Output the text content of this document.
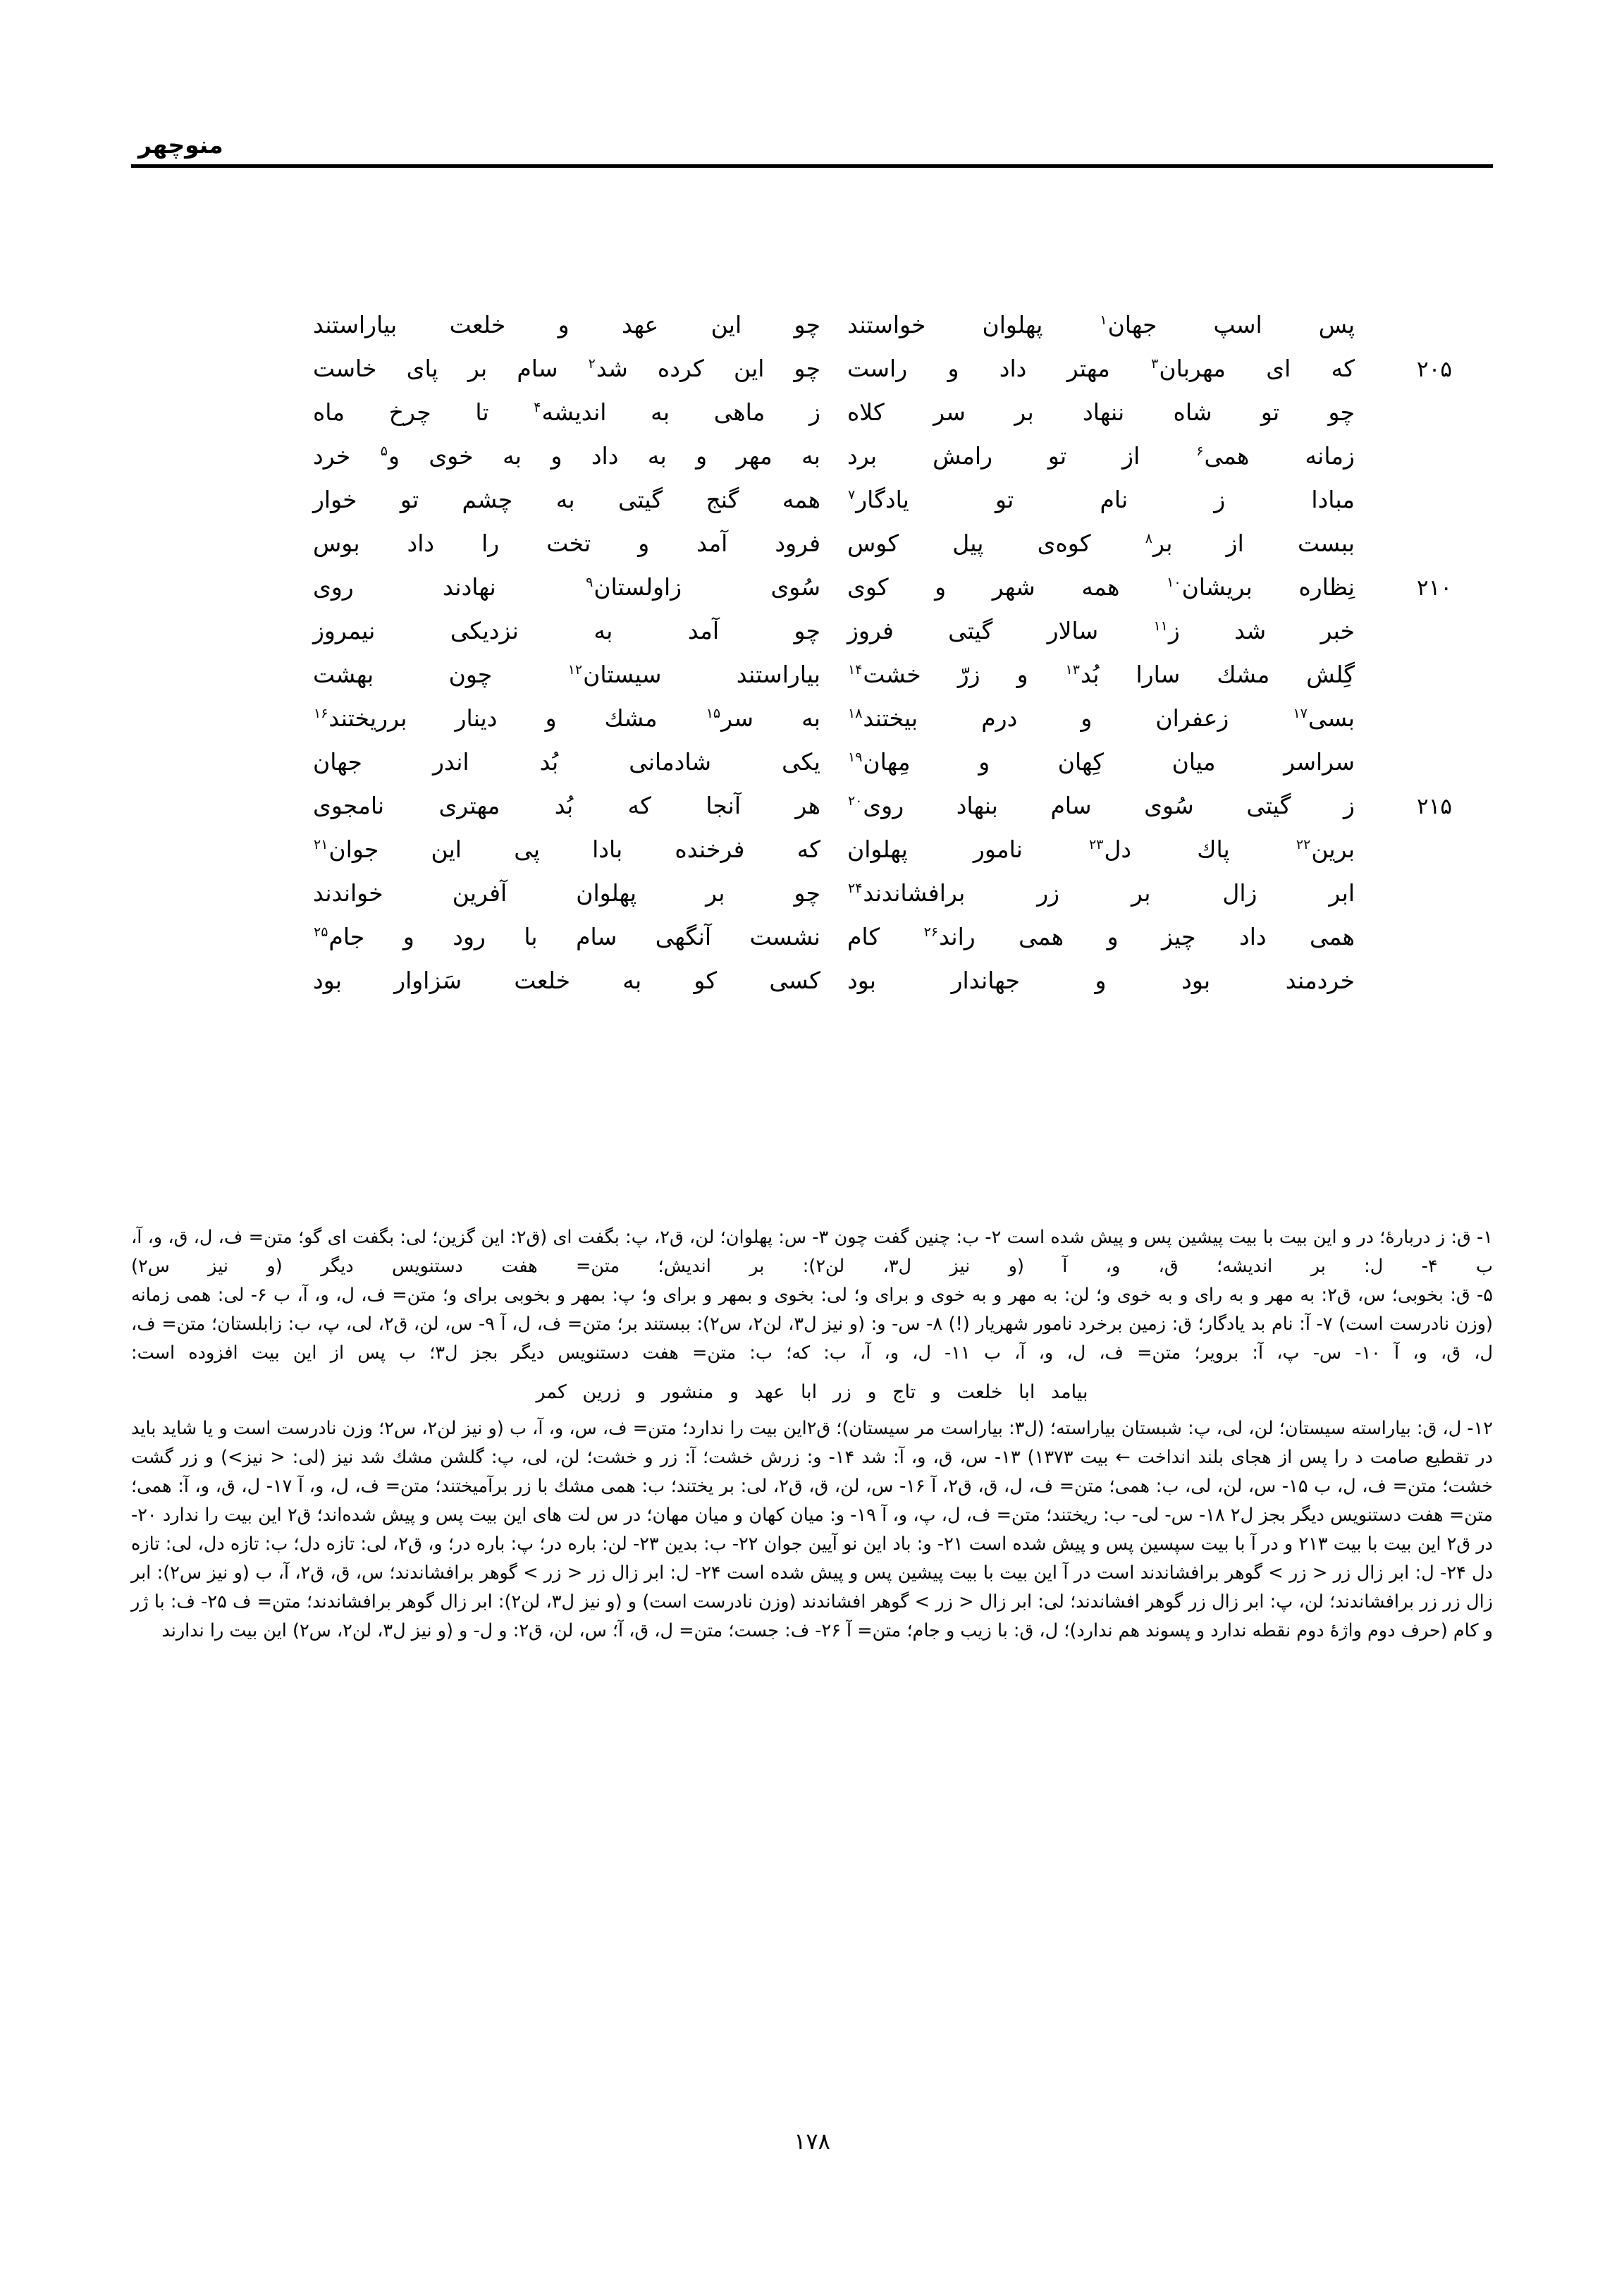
منوچهر
پس اسپ جهان$^۱$ پهلوان خواستند
چو این عهد و خلعت بیاراستند
۲۰۵
که ای مهربان$^۳$ مهتر داد و راست
چو این کرده شد$^۲$ سام بر پای خاست
چو تو شاه ننهاد بر سر کلاه
ز ماهی به اندیشه$^۴$ تا چرخ ماه
زمانه همی$^۶$ از تو رامش برد
به مهر و به داد و به خوی و$^۵$ خرد
مبادا ز نام تو یادگار$^۷$
همه گنج گیتی به چشم تو خوار
ببست از بر$^۸$ کوه‌ی پیل کوس
فرود آمد و تخت را داد بوس
۲۱۰
نِظاره بریشان$^{۱۰}$ همه شهر و کوی
سُوی زاولستان$^۹$ نهادند روی
خبر شد ز$^{۱۱}$ سالار گیتی فروز
چو آمد به نزدیکی نیمروز
گِلش مشك سارا بُد$^{۱۳}$ و زرّ خشت$^{۱۴}$
بیاراستند سیستان$^{۱۲}$ چون بهشت
بسی$^{۱۷}$ زعفران و درم بیختند$^{۱۸}$
به سر$^{۱۵}$ مشك و دینار برریختند$^{۱۶}$
سراسر میان کِهان و مِهان$^{۱۹}$
یکی شادمانی بُد اندر جهان
۲۱۵
ز گیتی سُوی سام بنهاد روی$^{۲۰}$
هر آنجا که بُد مهتری نامجوی
برین$^{۲۲}$ پاك دل$^{۲۳}$ نامور پهلوان
که فرخنده بادا پی این جوان$^{۲۱}$
ابر زال بر زر برافشاندند$^{۲۴}$
چو بر پهلوان آفرین خواندند
همی داد چیز و همی راند$^{۲۶}$ كام
نشست آنگهی سام با رود و جام$^{۲۵}$
خردمند بود و جهاندار بود
کسی کو به خلعت سَزاوار بود

۱- ق: ز دربارهٔ؛ در و این بیت با بیت پیشین پس و پیش شده است ۲- ب: چنین گفت چون ۳- س: پهلوان؛ لن، ق۲، پ: بگفت ای (ق۲: این گزین؛ لی: بگفت ای گو؛ متن= ف، ل، ق، و، آ، ب ۴- ل: بر اندیشه؛ ق، و، آ (و نیز ل۳، لن۲): بر اندیش؛ متن= هفت دستنویس دیگر (و نیز س۲)

۵- ق: بخوبی؛ س، ق۲: به مهر و به رای و به خوی و؛ لن: به مهر و به خوی و برای و؛ لی: بخوی و بمهر و برای و؛ پ: بمهر و بخوبی برای و؛ متن= ف، ل، و، آ، ب ۶- لی: همی زمانه (وزن نادرست است) ۷- آ: نام بد یادگار؛ ق: زمین برخرد نامور شهریار (!) ۸- س- و: (و نیز ل۳، لن۲، س۲): ببستند بر؛ متن= ف، ل، آ ۹- س، لن، ق۲، لی، پ، ب: زابلستان؛ متن= ف، ل، ق، و، آ ۱۰- س- پ، آ: برویر؛ متن= ف، ل، و، آ، ب ۱۱- ل، و، آ، ب: که؛ ب: متن= هفت دستنویس دیگر بجز ل۳؛ ب پس از این بیت افزوده است:

بیامد ابا خلعت و تاج و زر ابا عهد و منشور و زرین کمر

۱۲- ل، ق: بیاراسته سیستان؛ لن، لی، پ: شبستان بیاراسته؛ (ل۳: بیاراست مر سیستان)؛ ق۲این بیت را ندارد؛ متن= ف، س، و، آ، ب (و نیز لن۲، س۲؛ وزن نادرست است و یا شاید باید در تقطیع صامت د را پس از هجای بلند انداخت ← بیت ۱۳۷۳) ۱۳- س، ق، و، آ: شد ۱۴- و: زرش خشت؛ آ: زر و خشت؛ لن، لی، پ: گلشن مشك شد نیز (لی: < نیز>) و زر گشت خشت؛ متن= ف، ل، ب ۱۵- س، لن، لی، ب: همی؛ متن= ف، ل، ق، ق۲، آ ۱۶- س، لن، ق، ق۲، لی: بر یختند؛ ب: همی مشك با زر برآمیختند؛ متن= ف، ل، و، آ ۱۷- ل، ق، و، آ: همی؛ متن= هفت دستنویس دیگر بجز ل۲ ۱۸- س- لی- ب: ریختند؛ متن= ف، ل، پ، و، آ ۱۹- و: میان کهان و میان مهان؛ در س لت های این بیت پس و پیش شده‌اند؛ ق۲ این بیت را ندارد ۲۰- در ق۲ این بیت با بیت ۲۱۳ و در آ با بیت سپسین پس و پیش شده است ۲۱- و: باد این نو آیین جوان ۲۲- ب: بدین ۲۳- لن: باره در؛ پ: باره در؛ و، ق۲، لی: تازه دل؛ ب: تازه دل، لی: تازه دل ۲۴- ل: ابر زال زر < زر > گوهر برافشاندند است در آ این بیت با بیت پیشین پس و پیش شده است ۲۴- ل: ابر زال زر < زر > گوهر برافشاندند؛ س، ق، ق۲، آ، ب (و نیز س۲): ابر زال زر زر برافشاندند؛ لن، پ: ابر زال زر گوهر افشاندند؛ لی: ابر زال < زر > گوهر افشاندند (وزن نادرست است) و (و نیز ل۳، لن۲): ابر زال گوهر برافشاندند؛ متن= ف ۲۵- ف: با ژر و کام (حرف دوم واژهٔ دوم نقطه ندارد و پسوند هم ندارد)؛ ل، ق: با زیب و جام؛ متن= آ ۲۶- ف: جست؛ متن= ل، ق، آ؛ س، لن، ق۲: و ل- و (و نیز ل۳، لن۲، س۲) این بیت را ندارند

۱۷۸
